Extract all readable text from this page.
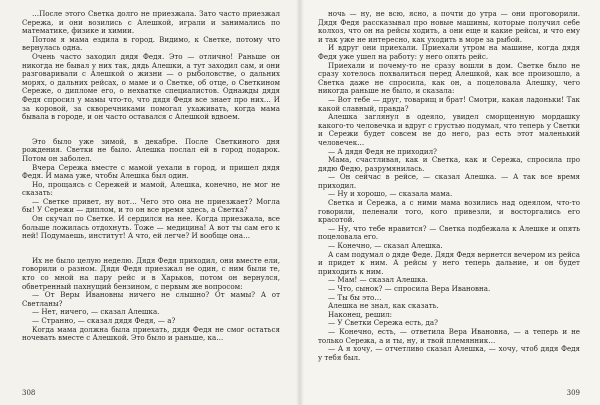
…После этого Светка долго не приезжала. Зато часто приезжал Сережа, и они возились с Алешкой, играли и занимались по математике, физике и химии.

Потом я мама ездила в город. Видимо, к Светке, потому что вернулась одна.

Очень часто заходил дядя Федя. Это — отлично! Раньше он никогда не бывал у них так, дядь Алешки, а тут заходил сам, и они разговаривали с Алешкой о жизни — о рыболовстве, о дальних морях, о дальних рейсах, о маме и о Светке, об отце, о Светкином Сереже, о дипломе его, о нехватке специалистов. Однажды дядя Федя спросил у мамы что-то, что дядя Федя все знает про них… И за коровой, за скворечниками помогал ухаживать, когда мама бывала в городе, и он часто оставался с Алешкой вдвоем.

Это было уже зимой, в декабре. После Светкиного дня рождения. Светки не было. Алешка послал ей в город подарок. Потом он заболел.

Вчера Сережа вместе с мамой уехали в город, и пришел дядя Федя. И мама уже, чтобы Алешка был один.

Но, прощаясь с Сережей и мамой, Алешка, конечно, не мог не сказать:

— Светке привет, ну вот… Чего это она не приезжает? Могла бы! У Сережи — диплом, и то он все время здесь, а Светка?

Он скучал по Светке. И сердился на нее. Когда приезжала, все больше ложилась отдохнуть. Тоже — медицина! А вот ты сам его к ней! Подумаешь, институт! А что, ей легче? И вообще она…

Их не было целую неделю. Дядя Федя приходил, они вместе ели, говорили о разном. Дядя Федя приезжал не один, с ним были те, кто со мной на пару рейс и в Харьков, потом он вернулся, обветренный пахнущий бензином, с первым же вопросом:

— От Веры Ивановны ничего не слышно? От мамы? А от Светланы?

— Нет, ничего, — сказал Алешка.

— Странно, — сказал дядя Федя, — а?

Когда мама должна была приехать, дядя Федя не смог остаться ночевать вместе с Алешкой. Это было и раньше, ка…

308

ночь — ну, не всю, ясно, а почти до утра — они проговорили. Дядя Федя рассказывал про новые машины, которые получил себе колхоз, что он на рейсы ходить, а они еще и какие рейсы, и что ему и так уже не интересно, как уходить в море за рыбой.

И вдруг они приехали. Приехали утром на машине, когда дядя Федя уже ушел на работу: у него опять рейс.

Приехали и почему-то не сразу вошли в дом. Светке было не сразу хотелось похвалиться перед Алешкой, как все произошло, а Светка даже не спросила, как он, а поцеловала Алешку, чего никогда раньше не было, и сказала:

— Вот тебе — друг, товарищ и брат! Смотри, какая ладоньки! Так какой славный, правда?

Алешка заглянул в одеяло, увидел сморщенную мордашку какого-то человечка и вдруг с грустью подумал, что теперь у Светки и Сережи будет совсем не до него, раз есть этот маленький человечек…

— А дядя Федя не приходил?

Мама, счастливая, как и Светка, как и Сережа, спросила про дядю Федю, разрумянилась.

— Он сейчас в рейсе, — сказал Алешка. — А так все время приходил.

— Ну и хорошо, — сказала мама.

Светка и Сережа, а с ними мама возились над одеялом, что-то говорили, пеленали того, кого привезли, и восторгались его красотой.

— Ну, что тебе нравится? — Светка подбежала к Алешке и опять поцеловала его.

— Конечно, — сказал Алешка.

А сам подумал о дяде Феде. Дядя Федя вернется вечером из рейса и придет к ним. А рейсы у него теперь дальние, и он будет приходить к ним.

— Мам! — сказал Алешка.

— Что, сынок? — спросила Вера Ивановна.

— Ты бы это…

Алешка не знал, как сказать.

Наконец, решил:

— У Светки Сережа есть, да?

— Конечно, есть, — ответила Вера Ивановна, — а теперь и не только Сережа, а и ты, ну, и твой племянник…

— А я хочу, — отчетливо сказал Алешка, — хочу, чтоб дядя Федя у тебя был.

309
